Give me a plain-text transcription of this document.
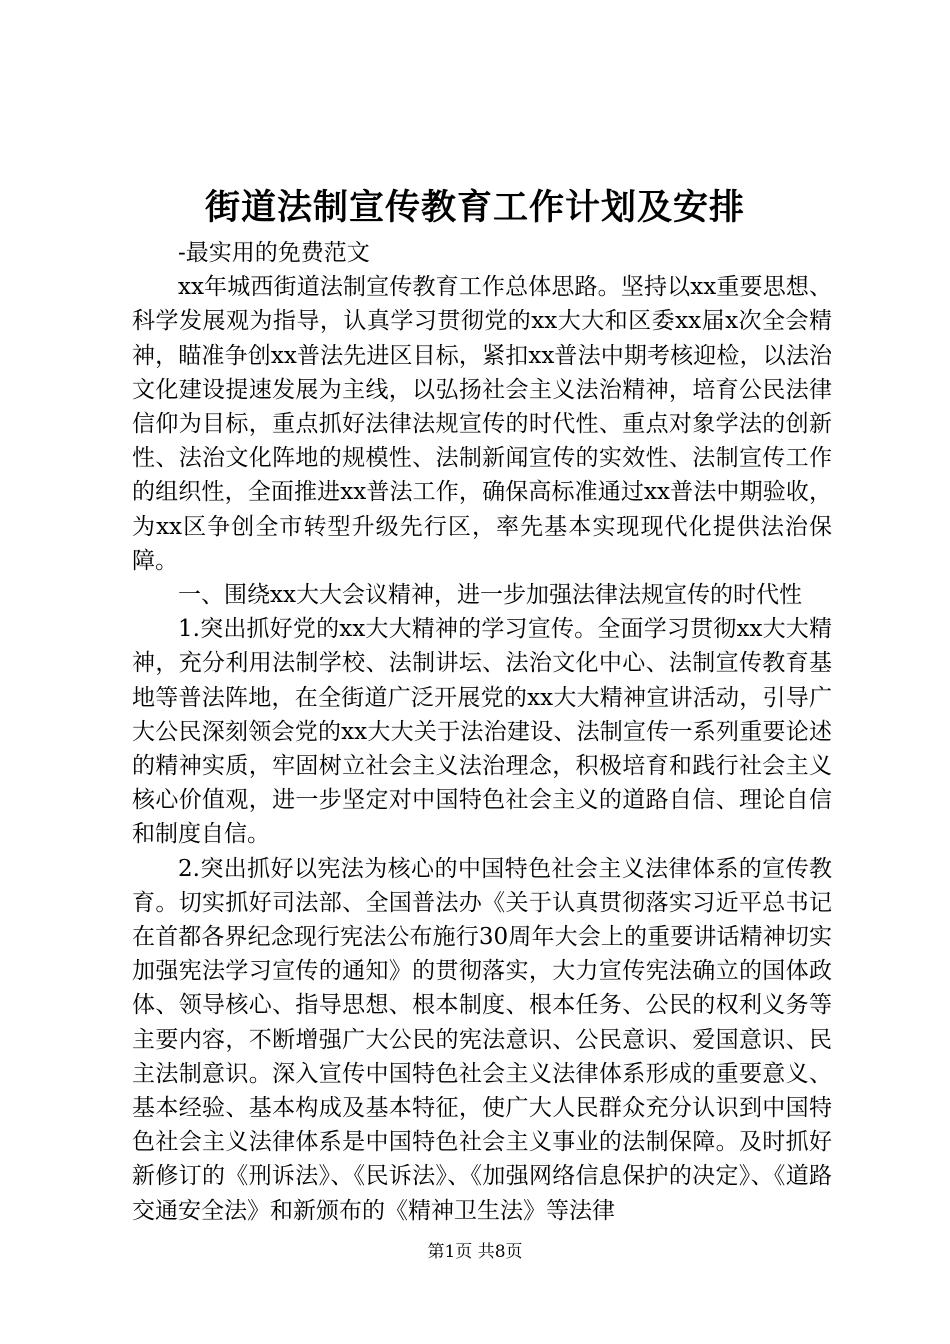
街道法制宣传教育工作计划及安排

-最实用的免费范文

xx年城西街道法制宣传教育工作总体思路。坚持以xx重要思想、科学发展观为指导，认真学习贯彻党的xx大大和区委xx届x次全会精神，瞄准争创xx普法先进区目标，紧扣xx普法中期考核迎检，以法治文化建设提速发展为主线，以弘扬社会主义法治精神，培育公民法律信仰为目标，重点抓好法律法规宣传的时代性、重点对象学法的创新性、法治文化阵地的规模性、法制新闻宣传的实效性、法制宣传工作的组织性，全面推进xx普法工作，确保高标准通过xx普法中期验收，为xx区争创全市转型升级先行区，率先基本实现现代化提供法治保障。

一、围绕xx大大会议精神，进一步加强法律法规宣传的时代性

1.突出抓好党的xx大大精神的学习宣传。全面学习贯彻xx大大精神，充分利用法制学校、法制讲坛、法治文化中心、法制宣传教育基地等普法阵地，在全街道广泛开展党的xx大大精神宣讲活动，引导广大公民深刻领会党的xx大大关于法治建设、法制宣传一系列重要论述的精神实质，牢固树立社会主义法治理念，积极培育和践行社会主义核心价值观，进一步坚定对中国特色社会主义的道路自信、理论自信和制度自信。

2.突出抓好以宪法为核心的中国特色社会主义法律体系的宣传教育。切实抓好司法部、全国普法办《关于认真贯彻落实习近平总书记在首都各界纪念现行宪法公布施行30周年大会上的重要讲话精神切实加强宪法学习宣传的通知》的贯彻落实，大力宣传宪法确立的国体政体、领导核心、指导思想、根本制度、根本任务、公民的权利义务等主要内容，不断增强广大公民的宪法意识、公民意识、爱国意识、民主法制意识。深入宣传中国特色社会主义法律体系形成的重要意义、基本经验、基本构成及基本特征，使广大人民群众充分认识到中国特色社会主义法律体系是中国特色社会主义事业的法制保障。及时抓好新修订的《刑诉法》、《民诉法》、《加强网络信息保护的决定》、《道路交通安全法》和新颁布的《精神卫生法》等法律

第1页 共8页
